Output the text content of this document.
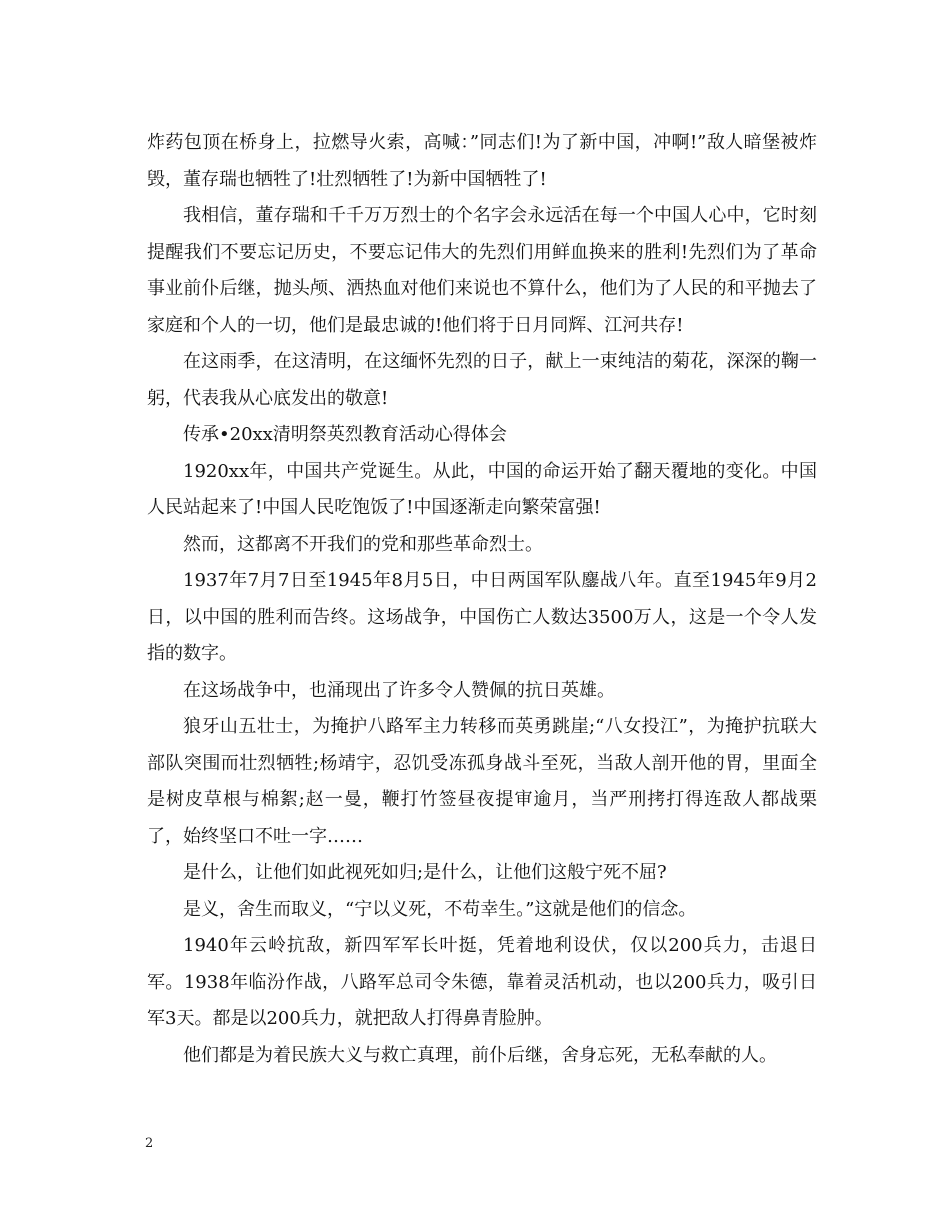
炸药包顶在桥身上，拉燃导火索，高喊：”同志们!为了新中国，冲啊!”敌人暗堡被炸毁，董存瑞也牺牲了!壮烈牺牲了!为新中国牺牲了!

我相信，董存瑞和千千万万烈士的个名字会永远活在每一个中国人心中，它时刻提醒我们不要忘记历史，不要忘记伟大的先烈们用鲜血换来的胜利!先烈们为了革命事业前仆后继，抛头颅、洒热血对他们来说也不算什么，他们为了人民的和平抛去了家庭和个人的一切，他们是最忠诚的!他们将于日月同辉、江河共存!

在这雨季，在这清明，在这缅怀先烈的日子，献上一束纯洁的菊花，深深的鞠一躬，代表我从心底发出的敬意!

传承•20xx清明祭英烈教育活动心得体会

1920xx年，中国共产党诞生。从此，中国的命运开始了翻天覆地的变化。中国人民站起来了!中国人民吃饱饭了!中国逐渐走向繁荣富强!

然而，这都离不开我们的党和那些革命烈士。

1937年7月7日至1945年8月5日，中日两国军队鏖战八年。直至1945年9月2日，以中国的胜利而告终。这场战争，中国伤亡人数达3500万人，这是一个令人发指的数字。

在这场战争中，也涌现出了许多令人赞佩的抗日英雄。

狼牙山五壮士，为掩护八路军主力转移而英勇跳崖;“八女投江”，为掩护抗联大部队突围而壮烈牺牲;杨靖宇，忍饥受冻孤身战斗至死，当敌人剖开他的胃，里面全是树皮草根与棉絮;赵一曼，鞭打竹签昼夜提审逾月，当严刑拷打得连敌人都战栗了，始终坚口不吐一字……

是什么，让他们如此视死如归;是什么，让他们这般宁死不屈?

是义，舍生而取义，“宁以义死，不苟幸生。”这就是他们的信念。

1940年云岭抗敌，新四军军长叶挺，凭着地利设伏，仅以200兵力，击退日军。1938年临汾作战，八路军总司令朱德，靠着灵活机动，也以200兵力，吸引日军3天。都是以200兵力，就把敌人打得鼻青脸肿。

他们都是为着民族大义与救亡真理，前仆后继，舍身忘死，无私奉献的人。

2
